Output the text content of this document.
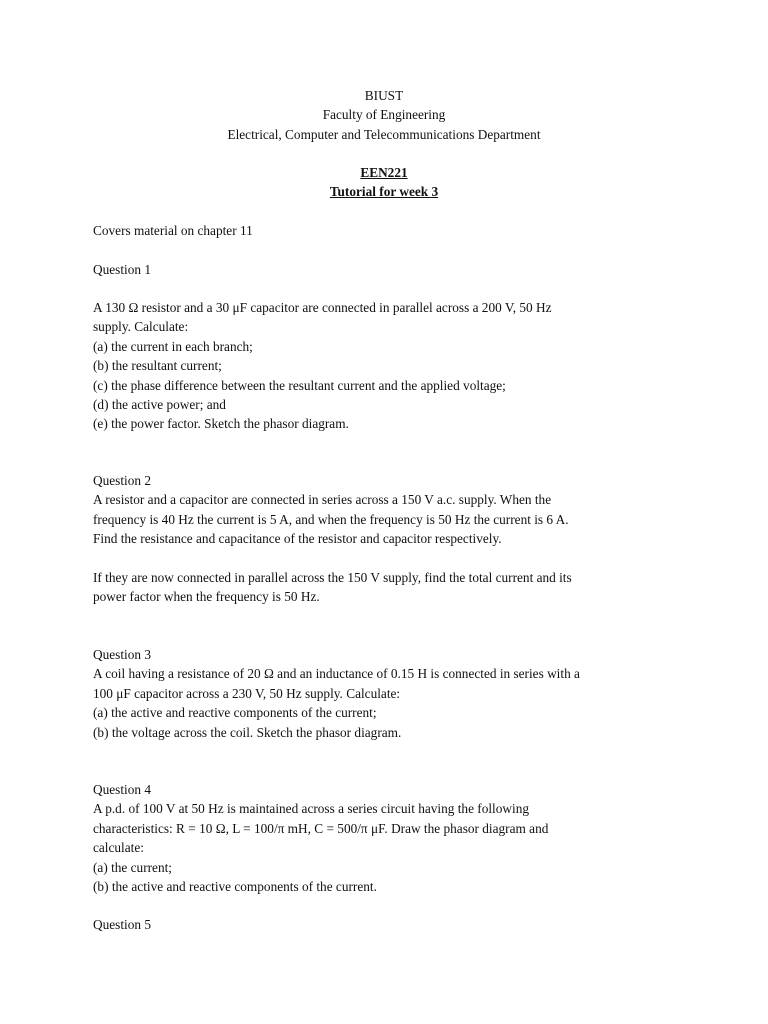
BIUST
Faculty of Engineering
Electrical, Computer and Telecommunications Department
EEN221
Tutorial for week 3
Covers material on chapter 11
Question 1
A 130 Ω resistor and a 30 μF capacitor are connected in parallel across a 200 V, 50 Hz
supply. Calculate:
(a) the current in each branch;
(b) the resultant current;
(c) the phase difference between the resultant current and the applied voltage;
(d) the active power; and
(e) the power factor. Sketch the phasor diagram.
Question 2
A resistor and a capacitor are connected in series across a 150 V a.c. supply. When the
frequency is 40 Hz the current is 5 A, and when the frequency is 50 Hz the current is 6 A.
Find the resistance and capacitance of the resistor and capacitor respectively.
If they are now connected in parallel across the 150 V supply, find the total current and its
power factor when the frequency is 50 Hz.
Question 3
A coil having a resistance of 20 Ω and an inductance of 0.15 H is connected in series with a
100 μF capacitor across a 230 V, 50 Hz supply. Calculate:
(a) the active and reactive components of the current;
(b) the voltage across the coil. Sketch the phasor diagram.
Question 4
A p.d. of 100 V at 50 Hz is maintained across a series circuit having the following
characteristics: R = 10 Ω, L = 100/π mH, C = 500/π μF. Draw the phasor diagram and
calculate:
(a) the current;
(b) the active and reactive components of the current.
Question 5
